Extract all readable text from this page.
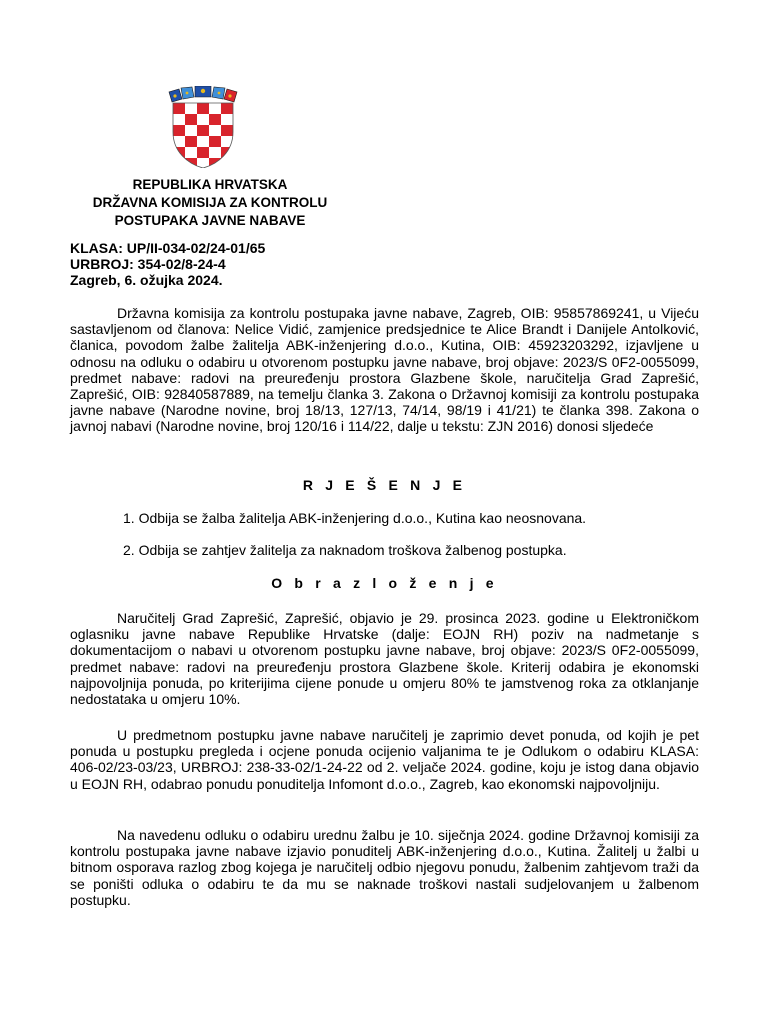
REPUBLIKA HRVATSKA
DRŽAVNA KOMISIJA ZA KONTROLU
POSTUPAKA JAVNE NABAVE
KLASA: UP/II-034-02/24-01/65
URBROJ: 354-02/8-24-4
Zagreb, 6. ožujka 2024.

Državna komisija za kontrolu postupaka javne nabave, Zagreb, OIB: 95857869241, u Vijeću sastavljenom od članova: Nelice Vidić, zamjenice predsjednice te Alice Brandt i Danijele Antolković, članica, povodom žalbe žalitelja ABK-inženjering d.o.o., Kutina, OIB: 45923203292, izjavljene u odnosu na odluku o odabiru u otvorenom postupku javne nabave, broj objave: 2023/S 0F2-0055099, predmet nabave: radovi na preuređenju prostora Glazbene škole, naručitelja Grad Zaprešić, Zaprešić, OIB: 92840587889, na temelju članka 3. Zakona o Državnoj komisiji za kontrolu postupaka javne nabave (Narodne novine, broj 18/13, 127/13, 74/14, 98/19 i 41/21) te članka 398. Zakona o javnoj nabavi (Narodne novine, broj 120/16 i 114/22, dalje u tekstu: ZJN 2016) donosi sljedeće

R J E Š E N J E
1. Odbija se žalba žalitelja ABK-inženjering d.o.o., Kutina kao neosnovana.
2. Odbija se zahtjev žalitelja za naknadom troškova žalbenog postupka.
O b r a z l o ž e n j e

Naručitelj Grad Zaprešić, Zaprešić, objavio je 29. prosinca 2023. godine u Elektroničkom oglasniku javne nabave Republike Hrvatske (dalje: EOJN RH) poziv na nadmetanje s dokumentacijom o nabavi u otvorenom postupku javne nabave, broj objave: 2023/S 0F2-0055099, predmet nabave: radovi na preuređenju prostora Glazbene škole. Kriterij odabira je ekonomski najpovoljnija ponuda, po kriterijima cijene ponude u omjeru 80% te jamstvenog roka za otklanjanje nedostataka u omjeru 10%.

U predmetnom postupku javne nabave naručitelj je zaprimio devet ponuda, od kojih je pet ponuda u postupku pregleda i ocjene ponuda ocijenio valjanima te je Odlukom o odabiru KLASA: 406-02/23-03/23, URBROJ: 238-33-02/1-24-22 od 2. veljače 2024. godine, koju je istog dana objavio u EOJN RH, odabrao ponudu ponuditelja Infomont d.o.o., Zagreb, kao ekonomski najpovoljniju.

Na navedenu odluku o odabiru urednu žalbu je 10. siječnja 2024. godine Državnoj komisiji za kontrolu postupaka javne nabave izjavio ponuditelj ABK-inženjering d.o.o., Kutina. Žalitelj u žalbi u bitnom osporava razlog zbog kojega je naručitelj odbio njegovu ponudu, žalbenim zahtjevom traži da se poništi odluka o odabiru te da mu se naknade troškovi nastali sudjelovanjem u žalbenom postupku.
